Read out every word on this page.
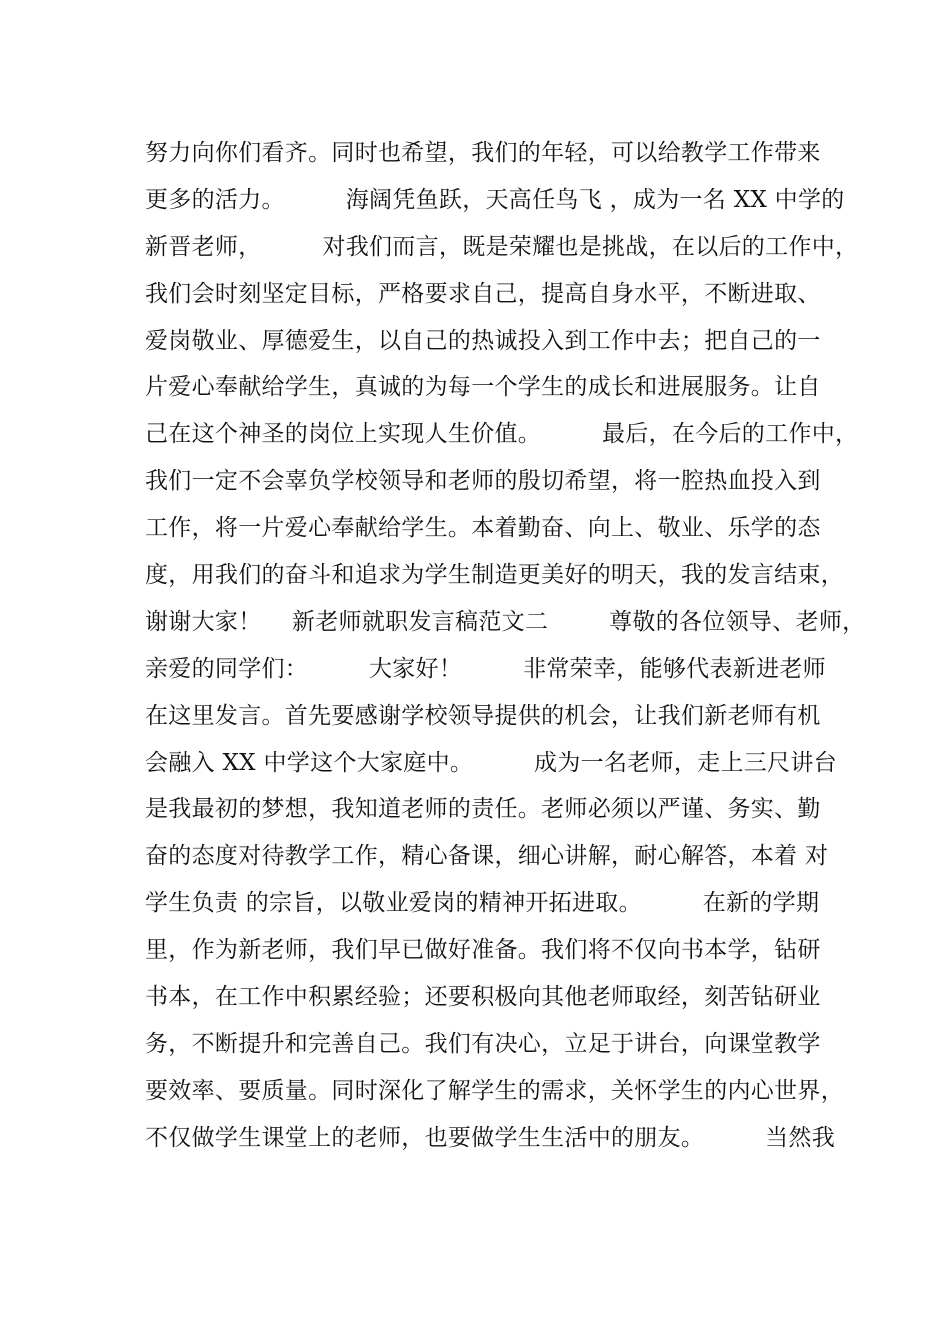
努力向你们看齐。同时也希望，我们的年轻，可以给教学工作带来
更多的活力。        海阔凭鱼跃，天高任鸟飞 ，成为一名 XX 中学的
新晋老师，        对我们而言，既是荣耀也是挑战，在以后的工作中，
我们会时刻坚定目标，严格要求自己，提高自身水平，不断进取、
爱岗敬业、厚德爱生，以自己的热诚投入到工作中去；把自己的一
片爱心奉献给学生，真诚的为每一个学生的成长和进展服务。让自
己在这个神圣的岗位上实现人生价值。        最后，在今后的工作中，
我们一定不会辜负学校领导和老师的殷切希望，将一腔热血投入到
工作，将一片爱心奉献给学生。本着勤奋、向上、敬业、乐学的态
度，用我们的奋斗和追求为学生制造更美好的明天，我的发言结束，
谢谢大家！    新老师就职发言稿范文二        尊敬的各位领导、老师，
亲爱的同学们：        大家好！        非常荣幸，能够代表新进老师
在这里发言。首先要感谢学校领导提供的机会，让我们新老师有机
会融入 XX 中学这个大家庭中。        成为一名老师，走上三尺讲台
是我最初的梦想，我知道老师的责任。老师必须以严谨、务实、勤
奋的态度对待教学工作，精心备课，细心讲解，耐心解答，本着 对
学生负责 的宗旨，以敬业爱岗的精神开拓进取。        在新的学期
里，作为新老师，我们早已做好准备。我们将不仅向书本学，钻研
书本，在工作中积累经验；还要积极向其他老师取经，刻苦钻研业
务，不断提升和完善自己。我们有决心，立足于讲台，向课堂教学
要效率、要质量。同时深化了解学生的需求，关怀学生的内心世界，
不仅做学生课堂上的老师，也要做学生生活中的朋友。        当然我
